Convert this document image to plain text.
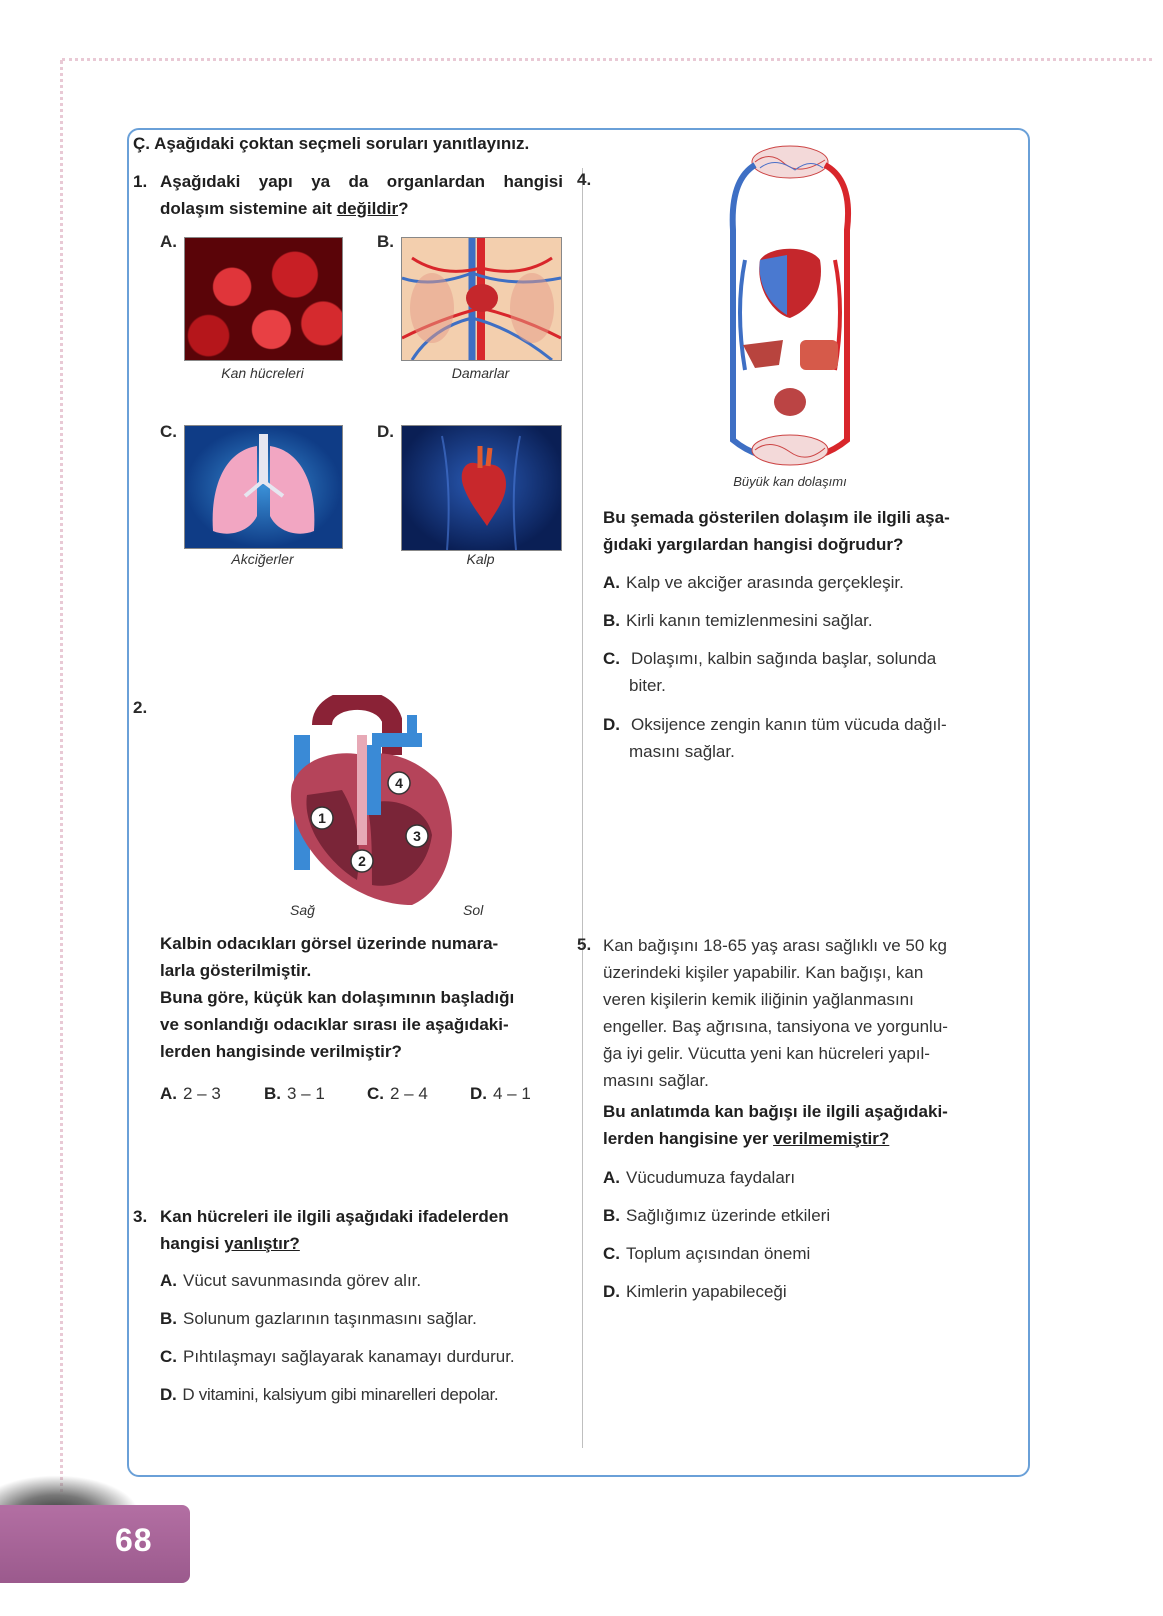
Ç. Aşağıdaki çoktan seçmeli soruları yanıtlayınız.
1. Aşağıdaki yapı ya da organlardan hangisi dolaşım sistemine ait değildir?
A.
Kan hücreleri
B.
Damarlar
C.
Akciğerler
D.
Kalp
2.
1
2
3
4
Sağ	Sol
Kalbin odacıkları görsel üzerinde numara-
larla gösterilmiştir.
Buna göre, küçük kan dolaşımının başladığı
ve sonlandığı odacıklar sırası ile aşağıdaki-
lerden hangisinde verilmiştir?
A. 2 – 3	B. 3 – 1 C. 2 – 4 D. 4 – 1
3. Kan hücreleri ile ilgili aşağıdaki ifadelerden
hangisi yanlıştır?
A. Vücut savunmasında görev alır.
B. Solunum gazlarının taşınmasını sağlar.
C. Pıhtılaşmayı sağlayarak kanamayı durdurur.
D. D vitamini, kalsiyum gibi minarelleri depolar.
4.
Büyük kan dolaşımı
Bu şemada gösterilen dolaşım ile ilgili aşa-
ğıdaki yargılardan hangisi doğrudur?
A. Kalp ve akciğer arasında gerçekleşir.
B. Kirli kanın temizlenmesini sağlar.
C. Dolaşımı, kalbin sağında başlar, solunda
biter.
D. Oksijence zengin kanın tüm vücuda dağıl-
masını sağlar.
5. Kan bağışını 18-65 yaş arası sağlıklı ve 50 kg
üzerindeki kişiler yapabilir. Kan bağışı, kan
veren kişilerin kemik iliğinin yağlanmasını
engeller. Baş ağrısına, tansiyona ve yorgunlu-
ğa iyi gelir. Vücutta yeni kan hücreleri yapıl-
masını sağlar.
Bu anlatımda kan bağışı ile ilgili aşağıdaki-
lerden hangisine yer verilmemiştir?
A. Vücudumuza faydaları
B. Sağlığımız üzerinde etkileri
C. Toplum açısından önemi
D. Kimlerin yapabileceği
68
